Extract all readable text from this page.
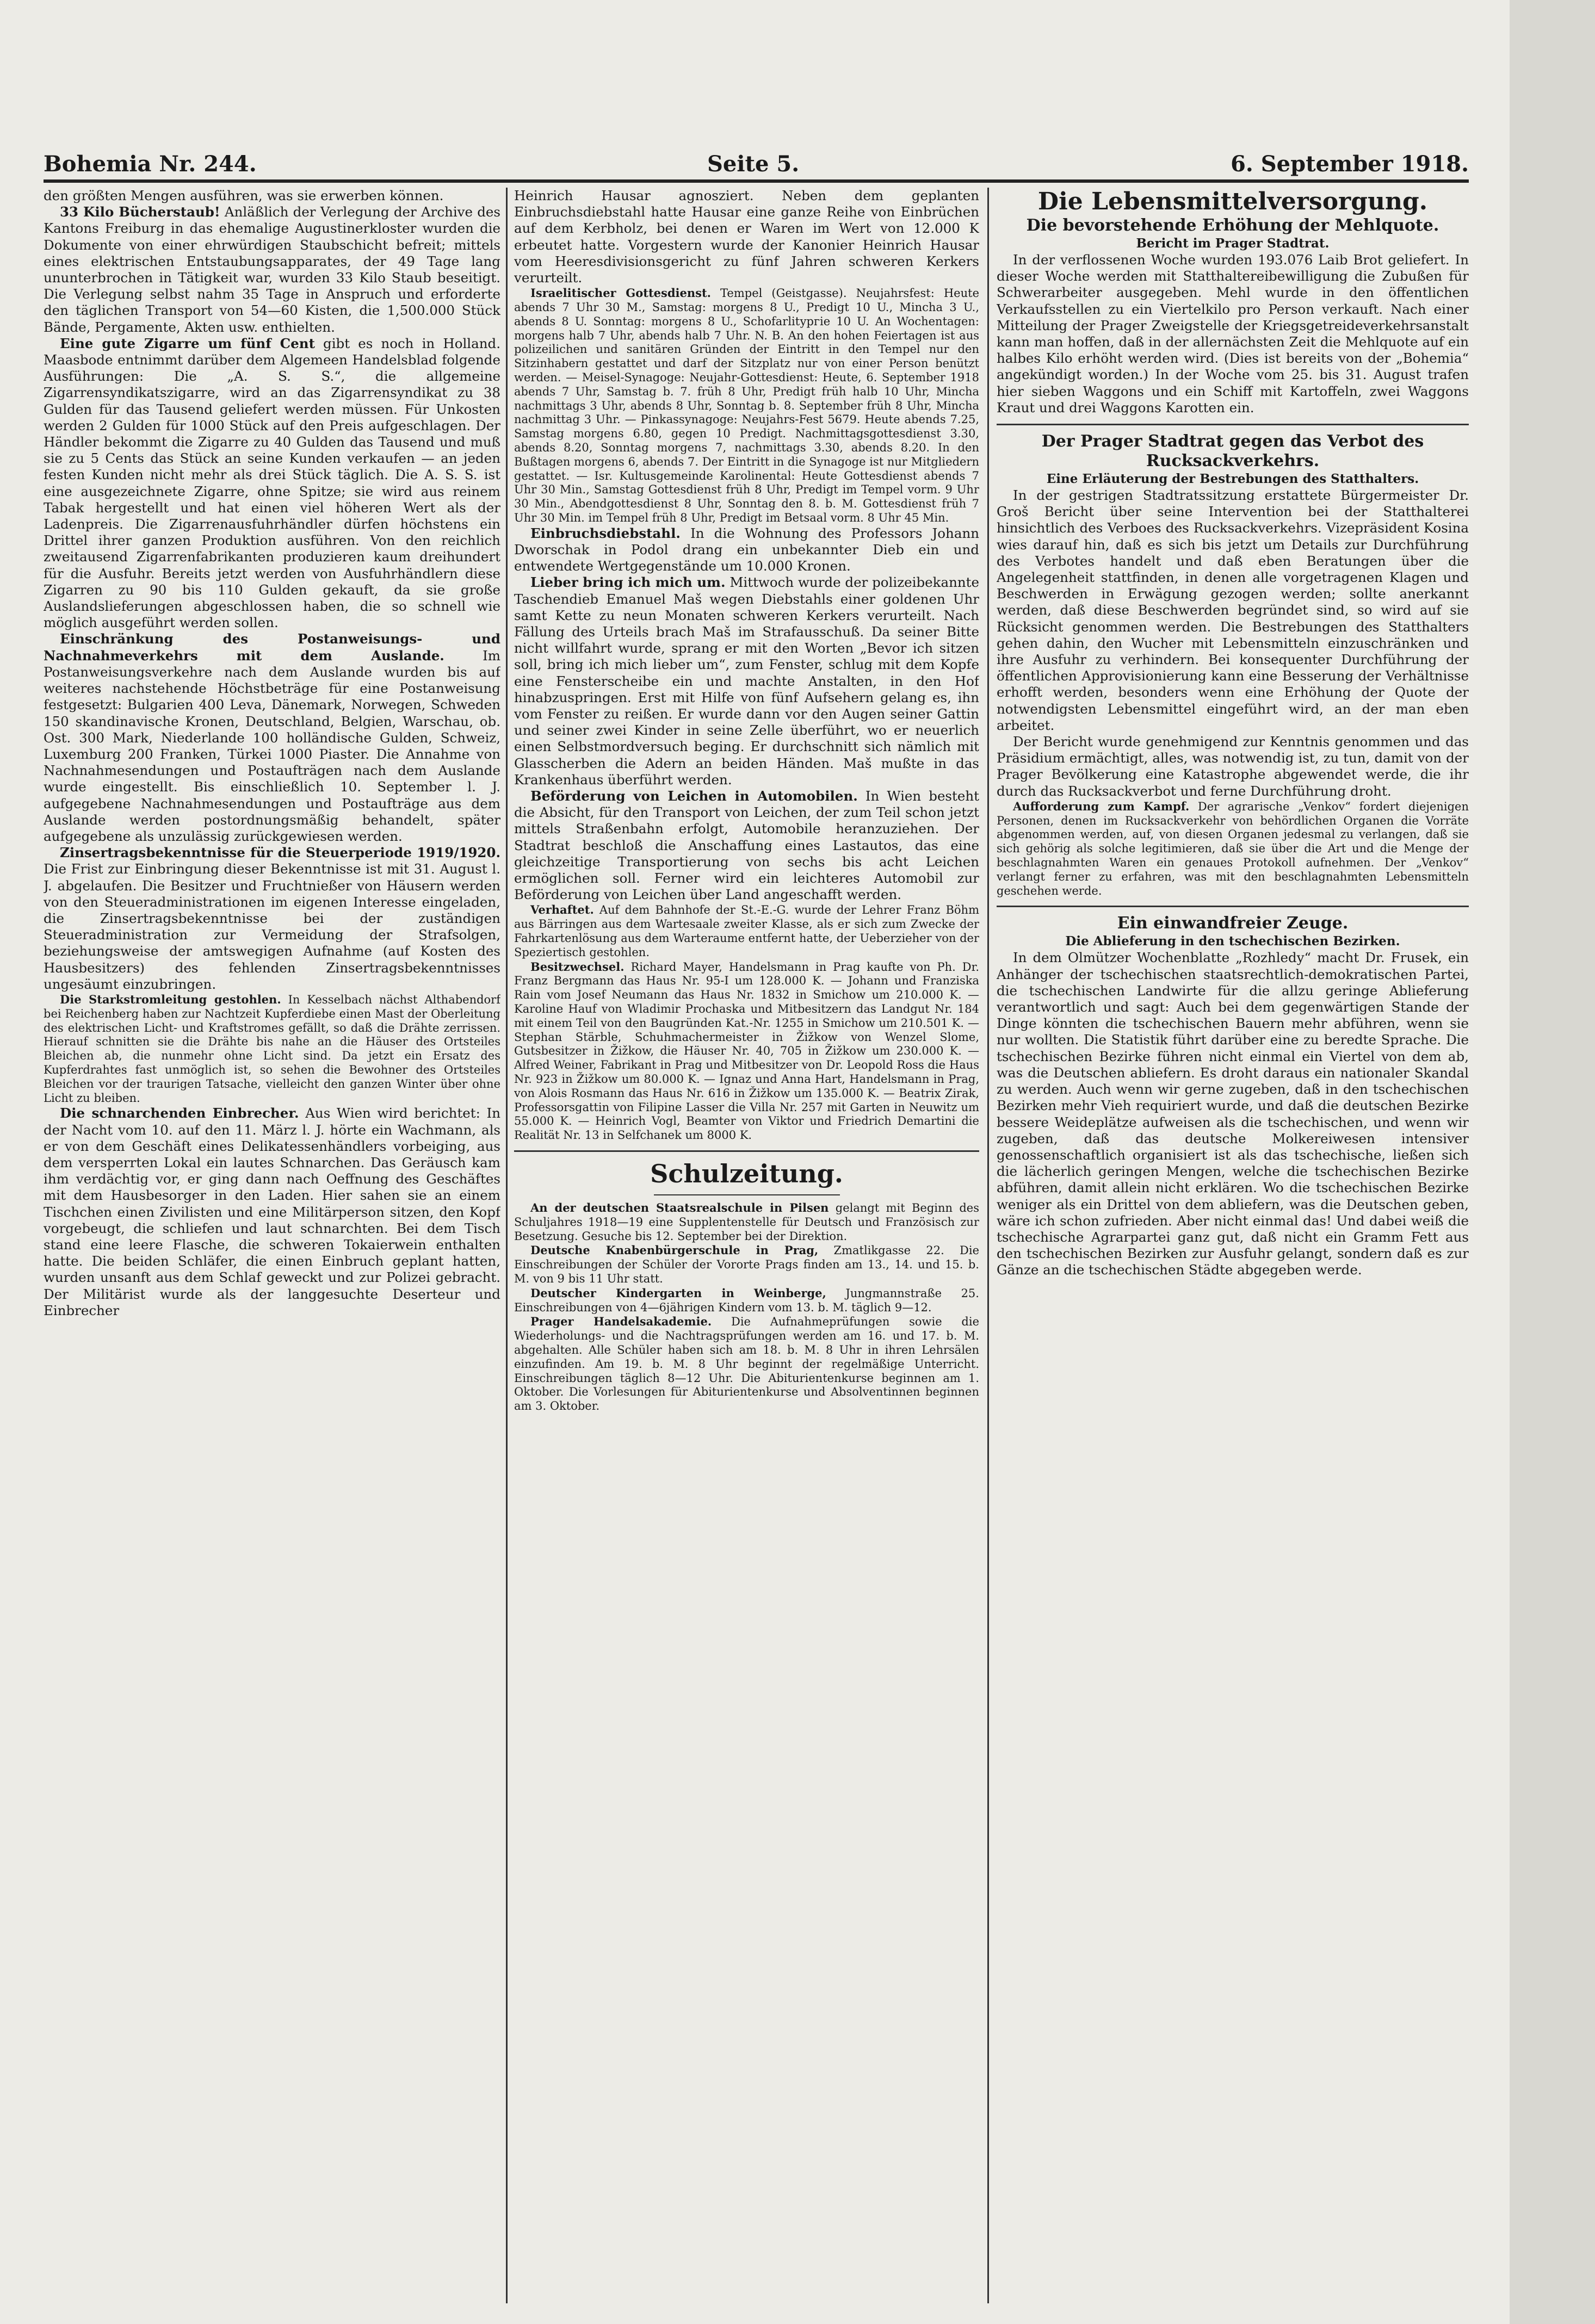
Bohemia Nr. 244.	Seite 5.	6. September 1918.

den größten Mengen ausführen, was sie erwerben können.

33 Kilo Bücherstaub! Anläßlich der Verlegung der Archive des Kantons Freiburg in das ehemalige Augustinerkloster wurden die Dokumente von einer ehrwürdigen Staubschicht befreit; mittels eines elektrischen Entstaubungsapparates, der 49 Tage lang ununterbrochen in Tätigkeit war, wurden 33 Kilo Staub beseitigt. Die Verlegung selbst nahm 35 Tage in Anspruch und erforderte den täglichen Transport von 54—60 Kisten, die 1,500.000 Stück Bände, Pergamente, Akten usw. enthielten.

Eine gute Zigarre um fünf Cent gibt es noch in Holland. Maasbode entnimmt darüber dem Algemeen Handelsblad folgende Ausführungen: Die „A. S. S.“, die allgemeine Zigarrensyndikatszigarre, wird an das Zigarrensyndikat zu 38 Gulden für das Tausend geliefert werden müssen. Für Unkosten werden 2 Gulden für 1000 Stück auf den Preis aufgeschlagen. Der Händler bekommt die Zigarre zu 40 Gulden das Tausend und muß sie zu 5 Cents das Stück an seine Kunden verkaufen — an jeden festen Kunden nicht mehr als drei Stück täglich. Die A. S. S. ist eine ausgezeichnete Zigarre, ohne Spitze; sie wird aus reinem Tabak hergestellt und hat einen viel höheren Wert als der Ladenpreis. Die Zigarrenausfuhrhändler dürfen höchstens ein Drittel ihrer ganzen Produktion ausführen. Von den reichlich zweitausend Zigarrenfabrikanten produzieren kaum dreihundert für die Ausfuhr. Bereits jetzt werden von Ausfuhrhändlern diese Zigarren zu 90 bis 110 Gulden gekauft, da sie große Auslandslieferungen abgeschlossen haben, die so schnell wie möglich ausgeführt werden sollen.

Einschränkung des Postanweisungs- und Nachnahmeverkehrs mit dem Auslande.	Im Postanweisungsverkehre nach dem Auslande wurden bis auf weiteres nachstehende Höchstbeträge für eine Postanweisung festgesetzt: Bulgarien 400 Leva, Dänemark, Norwegen, Schweden 150 skandinavische Kronen, Deutschland, Belgien, Warschau, ob. Ost. 300 Mark, Niederlande 100 holländische Gulden, Schweiz, Luxemburg 200 Franken, Türkei 1000 Piaster. Die Annahme von Nachnahmesendungen und Postaufträgen nach dem Auslande wurde eingestellt. Bis einschließlich 10. September l. J. aufgegebene Nachnahmesendungen und Postaufträge aus dem Auslande werden postordnungsmäßig behandelt, später aufgegebene als unzulässig zurückgewiesen werden.

Zinsertragsbekenntnisse für die Steuerperiode 1919/1920. Die Frist zur Einbringung dieser Bekenntnisse ist mit 31. August l. J. abgelaufen. Die Besitzer und Fruchtnießer von Häusern werden von den Steueradministrationen im eigenen Interesse eingeladen, die Zinsertragsbekenntnisse bei der zuständigen Steueradministration zur Vermeidung der Strafsolgen, beziehungsweise der amtswegigen Aufnahme (auf Kosten des Hausbesitzers) des fehlenden Zinsertragsbekenntnisses ungesäumt einzubringen.

Die Starkstromleitung gestohlen. In Kesselbach nächst Althabendorf bei Reichenberg haben zur Nachtzeit Kupferdiebe einen Mast der Oberleitung des elektrischen Licht- und Kraftstromes gefällt, so daß die Drähte zerrissen. Hierauf schnitten sie die Drähte bis nahe an die Häuser des Ortsteiles Bleichen ab, die nunmehr ohne Licht sind. Da jetzt ein Ersatz des Kupferdrahtes fast unmöglich ist, so sehen die Bewohner des Ortsteiles Bleichen vor der traurigen Tatsache, vielleicht den ganzen Winter über ohne Licht zu bleiben.

Die schnarchenden Einbrecher. Aus Wien wird berichtet: In der Nacht vom 10. auf den 11. März l. J. hörte ein Wachmann, als er von dem Geschäft eines Delikatessenhändlers vorbeiging, aus dem versperrten Lokal ein lautes Schnarchen. Das Geräusch kam ihm verdächtig vor, er ging dann nach Oeffnung des Geschäftes mit dem Hausbesorger in den Laden. Hier sahen sie an einem Tischchen einen Zivilisten und eine Militärperson sitzen, den Kopf vorgebeugt, die schliefen und laut schnarchten. Bei dem Tisch stand eine leere Flasche, die schweren Tokaierwein enthalten hatte. Die beiden Schläfer, die einen Einbruch geplant hatten, wurden unsanft aus dem Schlaf geweckt und zur Polizei gebracht. Der Militärist wurde als der langgesuchte Deserteur und Einbrecher

Heinrich Hausar agnosziert. Neben dem geplanten Einbruchsdiebstahl hatte Hausar eine ganze Reihe von Einbrüchen auf dem Kerbholz, bei denen er Waren im Wert von 12.000 K erbeutet hatte. Vorgestern wurde der Kanonier Heinrich Hausar vom Heeresdivisionsgericht zu fünf Jahren schweren Kerkers verurteilt.

Israelitischer Gottesdienst. Tempel (Geistgasse). Neujahrsfest: Heute abends 7 Uhr 30 M., Samstag: morgens 8 U., Predigt 10 U., Mincha 3 U., abends 8 U. Sonntag: morgens 8 U., Schofarlitургie 10 U. An Wochentagen: morgens halb 7 Uhr, abends halb 7 Uhr. N. B. An den hohen Feiertagen ist aus polizeilichen und sanitären Gründen der Eintritt in den Tempel nur den Sitzinhabern gestattet und darf der Sitzplatz nur von einer Person benützt werden. — Meisel-Synagoge: Neujahr-Gottesdienst: Heute, 6. September 1918 abends 7 Uhr, Samstag b. 7. früh 8 Uhr, Predigt früh halb 10 Uhr, Mincha nachmittags 3 Uhr, abends 8 Uhr, Sonntag b. 8. September früh 8 Uhr, Mincha nachmittag 3 Uhr. — Pinkassynagoge: Neujahrs-Fest 5679. Heute abends 7.25, Samstag morgens 6.80, gegen 10 Predigt. Nachmittagsgottesdienst 3.30, abends 8.20, Sonntag morgens 7, nachmittags 3.30, abends 8.20. In den Bußtagen morgens 6, abends 7. Der Eintritt in die Synagoge ist nur Mitgliedern gestattet. — Isr. Kultusgemeinde Karolinental: Heute Gottesdienst abends 7 Uhr 30 Min., Samstag Gottesdienst früh 8 Uhr, Predigt im Tempel vorm. 9 Uhr 30 Min., Abendgottesdienst 8 Uhr, Sonntag den 8. b. M. Gottesdienst früh 7 Uhr 30 Min. im Tempel früh 8 Uhr, Predigt im Betsaal vorm. 8 Uhr 45 Min.

Einbruchsdiebstahl. In die Wohnung des Professors Johann Dworschak in Podol drang ein unbekannter Dieb ein und entwendete Wertgegenstände um 10.000 Kronen.

Lieber bring ich mich um. Mittwoch wurde der polizeibekannte Taschendieb Emanuel Maš wegen Diebstahls einer goldenen Uhr samt Kette zu neun Monaten schweren Kerkers verurteilt. Nach Fällung des Urteils brach Maš im Strafausschuß. Da seiner Bitte nicht willfahrt wurde, sprang er mit den Worten „Bevor ich sitzen soll, bring ich mich lieber um“, zum Fenster, schlug mit dem Kopfe eine Fensterscheibe ein und machte Anstalten, in den Hof hinabzuspringen. Erst mit Hilfe von fünf Aufsehern gelang es, ihn vom Fenster zu reißen. Er wurde dann vor den Augen seiner Gattin und seiner zwei Kinder in seine Zelle überführt, wo er neuerlich einen Selbstmordversuch beging. Er durchschnitt sich nämlich mit Glasscherben die Adern an beiden Händen. Maš mußte in das Krankenhaus überführt werden.

Beförderung von Leichen in Automobilen. In Wien besteht die Absicht, für den Transport von Leichen, der zum Teil schon jetzt mittels Straßenbahn erfolgt, Automobile heranzuziehen. Der Stadtrat beschloß die Anschaffung eines Lastautos, das eine gleichzeitige Transportierung von sechs bis acht Leichen ermöglichen soll. Ferner wird ein leichteres Automobil zur Beförderung von Leichen über Land angeschafft werden.

Verhaftet. Auf dem Bahnhofe der St.-E.-G. wurde der Lehrer Franz Böhm aus Bärringen aus dem Wartesaale zweiter Klasse, als er sich zum Zwecke der Fahrkartenlösung aus dem Warteraume entfernt hatte, der Ueberzieher von der Speziertisch gestohlen.

Besitzwechsel. Richard Mayer, Handelsmann in Prag kaufte von Ph. Dr. Franz Bergmann das Haus Nr. 95-I um 128.000 K. — Johann und Franziska Rain vom Josef Neumann das Haus Nr. 1832 in Smichow um 210.000 K. — Karoline Hauf von Wladimir Prochaska und Mitbesitzern das Landgut Nr. 184 mit einem Teil von den Baugründen Kat.-Nr. 1255 in Smichow um 210.501 K. — Stephan Stärble, Schuhmachermeister in Žižkow von Wenzel Slome, Gutsbesitzer in Žižkow, die Häuser Nr. 40, 705 in Žižkow um 230.000 K. — Alfred Weiner, Fabrikant in Prag und Mitbesitzer von Dr. Leopold Ross die Haus Nr. 923 in Žižkow um 80.000 K. — Ignaz und Anna Hart, Handelsmann in Prag, von Alois Rosmann das Haus Nr. 616 in Žižkow um 135.000 K. — Beatrix Zirak, Professorsgattin von Filipine Lasser die Villa Nr. 257 mit Garten in Neuwitz um 55.000 K. — Heinrich Vogl, Beamter von Viktor und Friedrich Demartini die Realität Nr. 13 in Selfchanek um 8000 K.

Schulzeitung.

An der deutschen Staatsrealschule in Pilsen gelangt mit Beginn des Schuljahres 1918—19 eine Supplentenstelle für Deutsch und Französisch zur Besetzung. Gesuche bis 12. September bei der Direktion.

Deutsche Knabenbürgerschule in Prag, Zmatlikgasse 22. Die Einschreibungen der Schüler der Vororte Prags finden am 13., 14. und 15. b. M. von 9 bis 11 Uhr statt.

Deutscher Kindergarten in Weinberge, Jungmannstraße 25. Einschreibungen von 4—6jährigen Kindern vom 13. b. M. täglich 9—12.

Prager Handelsakademie. Die Aufnahmeprüfungen sowie die Wiederholungs- und die Nachtragsprüfungen werden am 16. und 17. b. M. abgehalten. Alle Schüler haben sich am 18. b. M. 8 Uhr in ihren Lehrsälen einzufinden. Am 19. b. M. 8 Uhr beginnt der regelmäßige Unterricht. Einschreibungen täglich 8—12 Uhr. Die Abiturientenkurse beginnen am 1. Oktober. Die Vorlesungen für Abiturientenkurse und Absolventinnen beginnen am 3. Oktober.

Die Lebensmittelversorgung.
Die bevorstehende Erhöhung der Mehlquote.
Bericht im Prager Stadtrat.

In der verflossenen Woche wurden 193.076 Laib Brot geliefert. In dieser Woche werden mit Statthaltereibewilligung die Zubußen für Schwerarbeiter ausgegeben. Mehl wurde in den öffentlichen Verkaufsstellen zu ein Viertelkilo pro Person verkauft. Nach einer Mitteilung der Prager Zweigstelle der Kriegsgetreideverkehrsanstalt kann man hoffen, daß in der allernächsten Zeit die Mehlquote auf ein halbes Kilo erhöht werden wird. (Dies ist bereits von der „Bohemia“ angekündigt worden.) In der Woche vom 25. bis 31. August trafen hier sieben Waggons und ein Schiff mit Kartoffeln, zwei Waggons Kraut und drei Waggons Karotten ein.

Der Prager Stadtrat gegen das Verbot des Rucksackverkehrs.
Eine Erläuterung der Bestrebungen des Statthalters.

In der gestrigen Stadtratssitzung erstattete Bürgermeister Dr. Groš Bericht über seine Intervention bei der Statthalterei hinsichtlich des Verboes des Rucksackverkehrs. Vizepräsident Kosina wies darauf hin, daß es sich bis jetzt um Details zur Durchführung des Verbotes handelt und daß eben Beratungen über die Angelegenheit stattfinden, in denen alle vorgetragenen Klagen und Beschwerden in Erwägung gezogen werden; sollte anerkannt werden, daß diese Beschwerden begründet sind, so wird auf sie Rücksicht genommen werden. Die Bestrebungen des Statthalters gehen dahin, den Wucher mit Lebensmitteln einzuschränken und ihre Ausfuhr zu verhindern. Bei konsequenter Durchführung der öffentlichen Approvisionierung kann eine Besserung der Verhältnisse erhofft werden, besonders wenn eine Erhöhung der Quote der notwendigsten Lebensmittel eingeführt wird, an der man eben arbeitet.

Der Bericht wurde genehmigend zur Kenntnis genommen und das Präsidium ermächtigt, alles, was notwendig ist, zu tun, damit von der Prager Bevölkerung eine Katastrophe abgewendet werde, die ihr durch das Rucksackverbot und ferne Durchführung droht.

Aufforderung zum Kampf. Der agrarische „Venkov“ fordert diejenigen Personen, denen im Rucksackverkehr von behördlichen Organen die Vorräte abgenommen werden, auf, von diesen Organen jedesmal zu verlangen, daß sie sich gehörig als solche legitimieren, daß sie über die Art und die Menge der beschlagnahmten Waren ein genaues Protokoll aufnehmen. Der „Venkov“ verlangt ferner zu erfahren, was mit den beschlagnahmten Lebensmitteln geschehen werde.

Ein einwandfreier Zeuge.
Die Ablieferung in den tschechischen Bezirken.

In dem Olmützer Wochenblatte „Rozhledy“ macht Dr. Frusek, ein Anhänger der tschechischen staatsrechtlich-demokratischen Partei, die tschechischen Landwirte für die allzu geringe Ablieferung verantwortlich und sagt: Auch bei dem gegenwärtigen Stande der Dinge könnten die tschechischen Bauern mehr abführen, wenn sie nur wollten. Die Statistik führt darüber eine zu beredte Sprache. Die tschechischen Bezirke führen nicht einmal ein Viertel von dem ab, was die Deutschen abliefern. Es droht daraus ein nationaler Skandal zu werden. Auch wenn wir gerne zugeben, daß in den tschechischen Bezirken mehr Vieh requiriert wurde, und daß die deutschen Bezirke bessere Weideplätze aufweisen als die tschechischen, und wenn wir zugeben, daß das deutsche Molkereiwesen intensiver genossenschaftlich organisiert ist als das tschechische, ließen sich die lächerlich geringen Mengen, welche die tschechischen Bezirke abführen, damit allein nicht erklären. Wo die tschechischen Bezirke weniger als ein Drittel von dem abliefern, was die Deutschen geben, wäre ich schon zufrieden. Aber nicht einmal das! Und dabei weiß die tschechische Agrarpartei ganz gut, daß nicht ein Gramm Fett aus den tschechischen Bezirken zur Ausfuhr gelangt, sondern daß es zur Gänze an die tschechischen Städte abgegeben werde.
